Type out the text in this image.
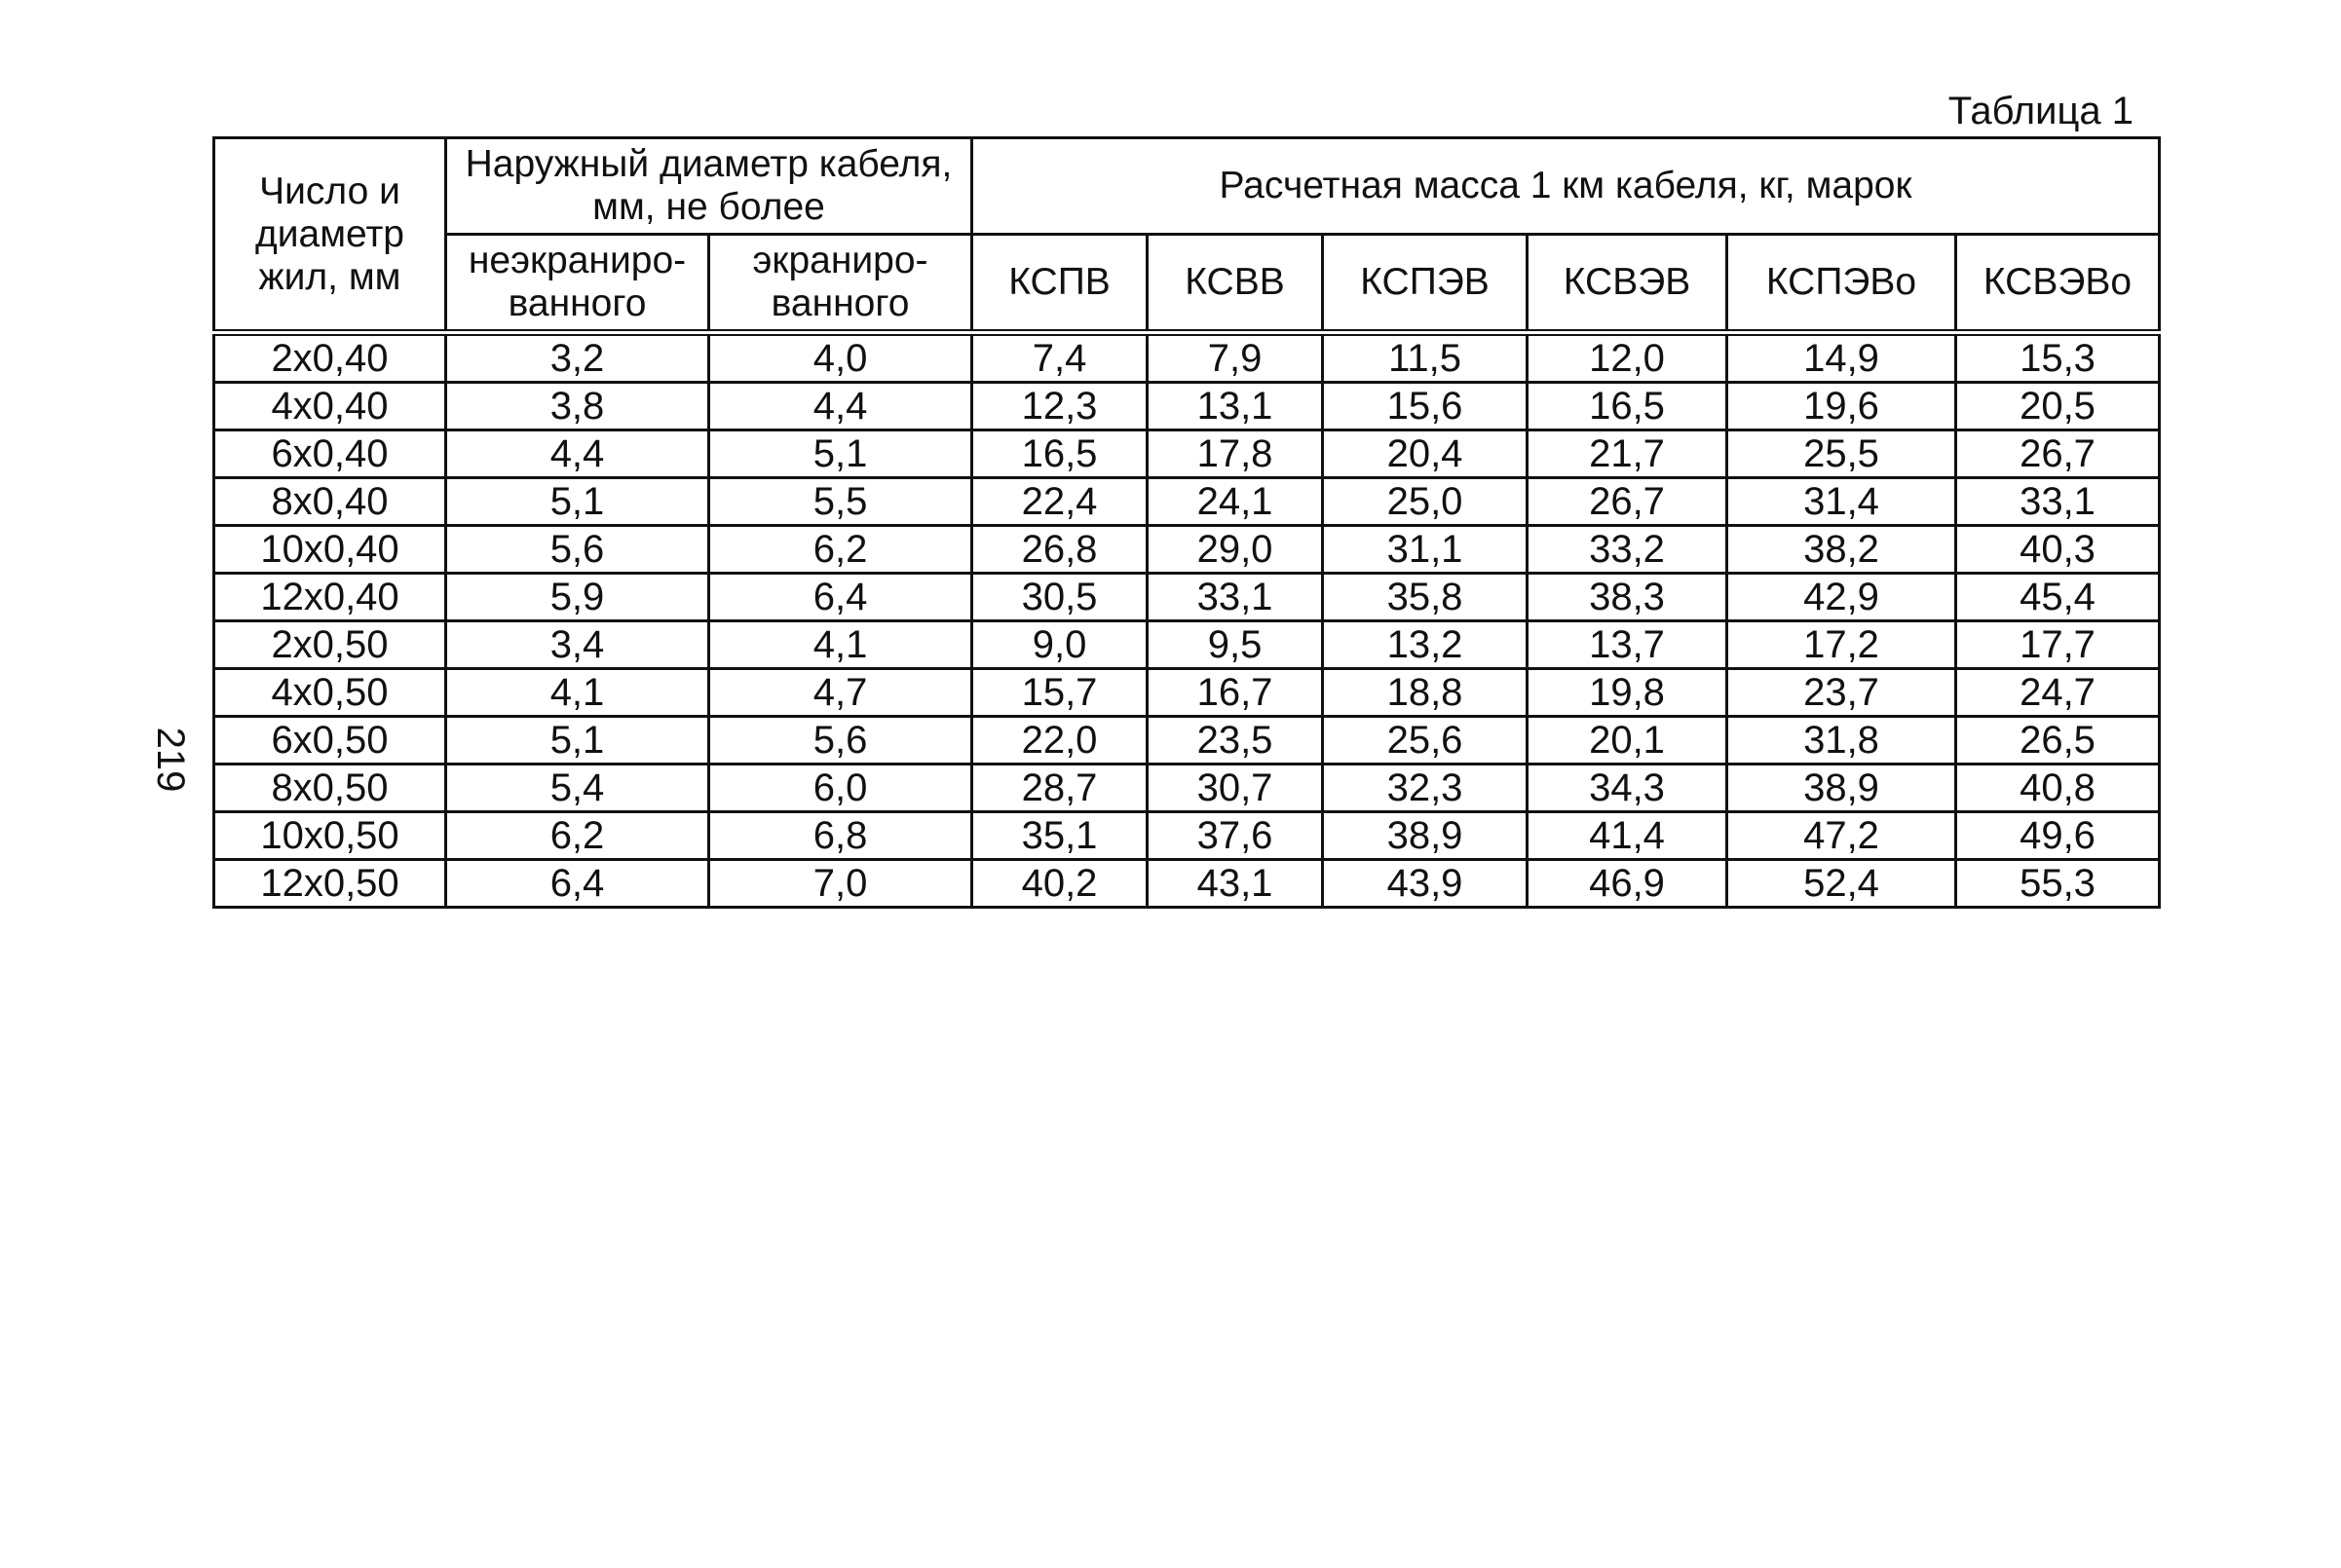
Таблица 1
219
Число и диаметр жил, мм	Наружный диаметр кабеля, мм, не более		Расчетная масса 1 км кабеля, кг, марок					
	неэкраниро-ванного	экраниро-ванного	КСПВ	КСВВ	КСПЭВ	КСВЭВ	КСПЭВо	КСВЭВо
2х0,40	3,2	4,0	7,4	7,9	11,5	12,0	14,9	15,3
4х0,40	3,8	4,4	12,3	13,1	15,6	16,5	19,6	20,5
6х0,40	4,4	5,1	16,5	17,8	20,4	21,7	25,5	26,7
8х0,40	5,1	5,5	22,4	24,1	25,0	26,7	31,4	33,1
10х0,40	5,6	6,2	26,8	29,0	31,1	33,2	38,2	40,3
12х0,40	5,9	6,4	30,5	33,1	35,8	38,3	42,9	45,4
2х0,50	3,4	4,1	9,0	9,5	13,2	13,7	17,2	17,7
4х0,50	4,1	4,7	15,7	16,7	18,8	19,8	23,7	24,7
6х0,50	5,1	5,6	22,0	23,5	25,6	20,1	31,8	26,5
8х0,50	5,4	6,0	28,7	30,7	32,3	34,3	38,9	40,8
10х0,50	6,2	6,8	35,1	37,6	38,9	41,4	47,2	49,6
12х0,50	6,4	7,0	40,2	43,1	43,9	46,9	52,4	55,3
